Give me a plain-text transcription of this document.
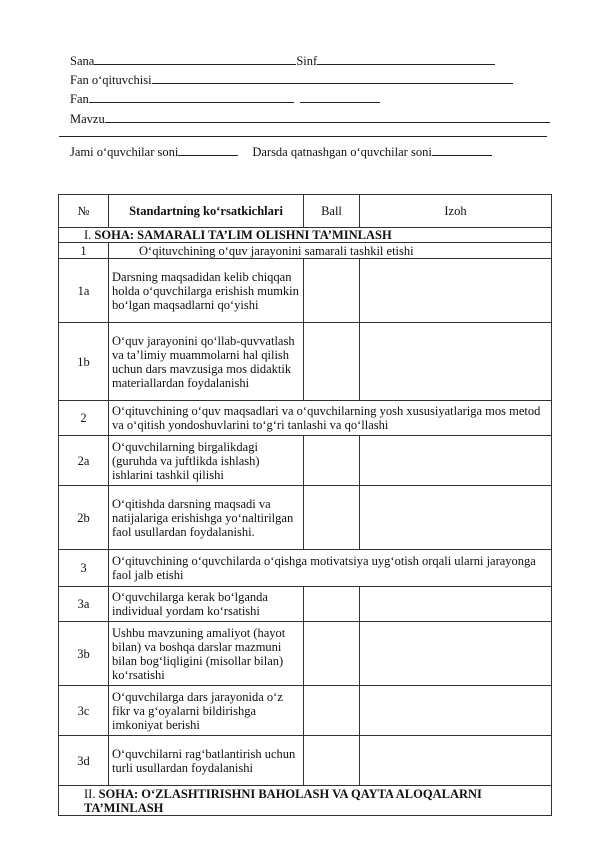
Sana	Sinf
Fan o‘qituvchisi
Fan
Mavzu
Jami o‘quvchilar soni	Darsda qatnashgan o‘quvchilar soni
№	Standartning ko‘rsatkichlari	Ball	Izoh
I. SOHA: SAMARALI TA’LIM OLISHNI TA’MINLASH			
1	O‘qituvchining o‘quv jarayonini samarali tashkil etishi		
1a	Darsning maqsadidan kelib chiqqan holda o‘quvchilarga erishish mumkin bo‘lgan maqsadlarni qo‘yishi		
1b	O‘quv jarayonini qo‘llab-quvvatlash va ta’limiy muammolarni hal qilish uchun dars mavzusiga mos didaktik materiallardan foydalanishi		
2	O‘qituvchining o‘quv maqsadlari va o‘quvchilarning yosh xususiyatlariga mos metod va o‘qitish yondoshuvlarini to‘g‘ri tanlashi va qo‘llashi		
2a	O‘quvchilarning birgalikdagi (guruhda va juftlikda ishlash) ishlarini tashkil qilishi		
2b	O‘qitishda darsning maqsadi va natijalariga erishishga yo‘naltirilgan faol usullardan foydalanishi.		
3	O‘qituvchining o‘quvchilarda o‘qishga motivatsiya uyg‘otish orqali ularni jarayonga faol jalb etishi		
3a	O‘quvchilarga kerak bo‘lganda individual yordam ko‘rsatishi		
3b	Ushbu mavzuning amaliyot (hayot bilan) va boshqa darslar mazmuni bilan bog‘liqligini (misollar bilan) ko‘rsatishi		
3c	O‘quvchilarga dars jarayonida o‘z fikr va g‘oyalarni bildirishga imkoniyat berishi		
3d	O‘quvchilarni rag‘batlantirish uchun turli usullardan foydalanishi		
II. SOHA: O‘ZLASHTIRISHNI BAHOLASH VA QAYTA ALOQALARNI TA’MINLASH			
